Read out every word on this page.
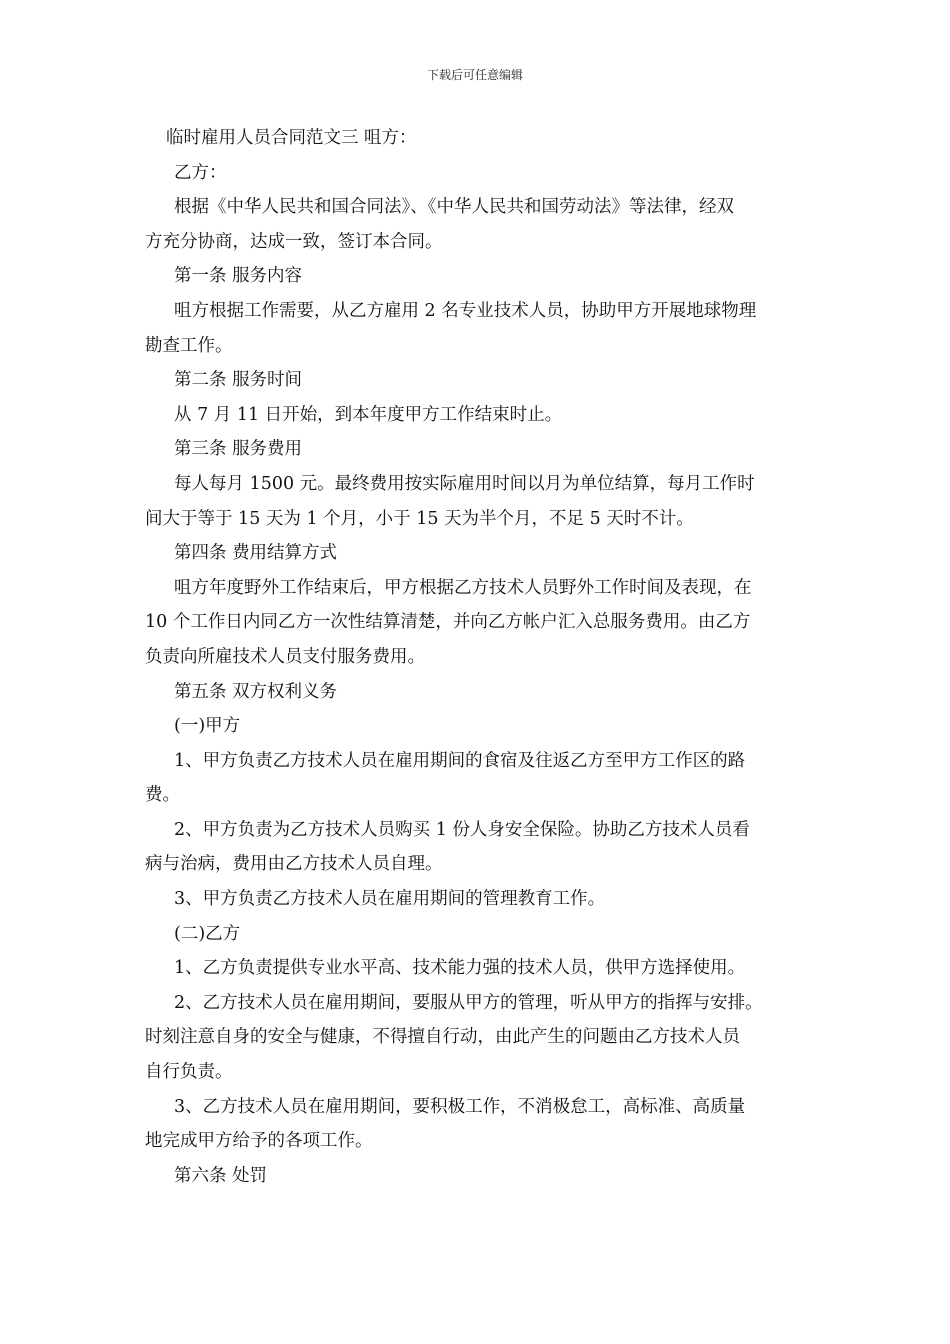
下载后可任意编辑
临时雇用人员合同范文三 咀方：
乙方：
根据《中华人民共和国合同法》、《中华人民共和国劳动法》等法律，经双
方充分协商，达成一致，签订本合同。
第一条 服务内容
咀方根据工作需要，从乙方雇用 2 名专业技术人员，协助甲方开展地球物理
勘查工作。
第二条 服务时间
从 7 月 11 日开始，到本年度甲方工作结束时止。
第三条 服务费用
每人每月 1500 元。最终费用按实际雇用时间以月为单位结算，每月工作时
间大于等于 15 天为 1 个月，小于 15 天为半个月，不足 5 天时不计。
第四条 费用结算方式
咀方年度野外工作结束后，甲方根据乙方技术人员野外工作时间及表现，在
10 个工作日内同乙方一次性结算清楚，并向乙方帐户汇入总服务费用。由乙方
负责向所雇技术人员支付服务费用。
第五条 双方权利义务
(一)甲方
1、甲方负责乙方技术人员在雇用期间的食宿及往返乙方至甲方工作区的路
费。
2、甲方负责为乙方技术人员购买 1 份人身安全保险。协助乙方技术人员看
病与治病，费用由乙方技术人员自理。
3、甲方负责乙方技术人员在雇用期间的管理教育工作。
(二)乙方
1、乙方负责提供专业水平高、技术能力强的技术人员，供甲方选择使用。
2、乙方技术人员在雇用期间，要服从甲方的管理，听从甲方的指挥与安排。
时刻注意自身的安全与健康，不得擅自行动，由此产生的问题由乙方技术人员
自行负责。
3、乙方技术人员在雇用期间，要积极工作，不消极怠工，高标准、高质量
地完成甲方给予的各项工作。
第六条 处罚
